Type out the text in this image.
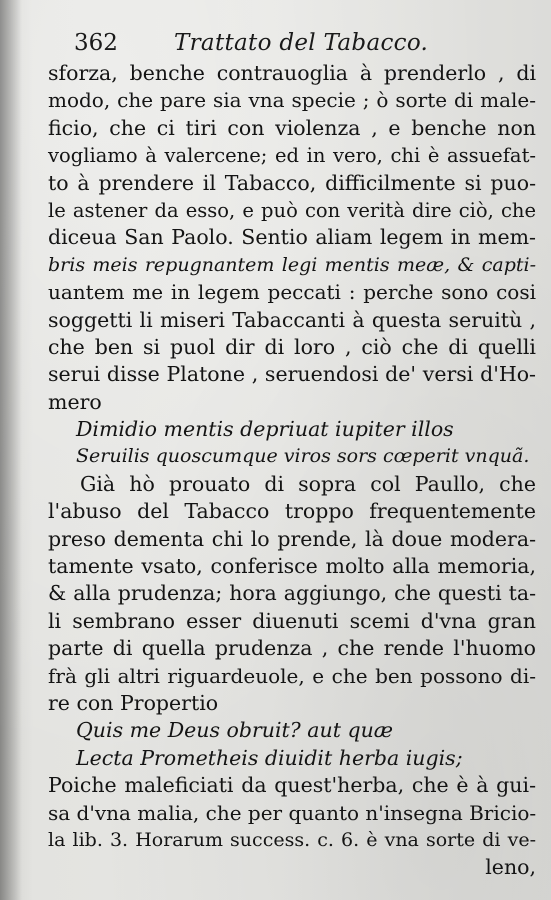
362 Trattato del Tabacco.
sforza, benche contrauoglia à prenderlo , di
modo, che pare sia vna specie ; ò sorte di male-
ficio, che ci tiri con violenza , e benche non
vogliamo à valercene; ed in vero, chi è assuefat-
to à prendere il Tabacco, difficilmente si puo-
le astener da esso, e può con verità dire ciò, che
diceua San Paolo. Sentio aliam legem in mem-
bris meis repugnantem legi mentis meæ, & capti-
uantem me in legem peccati : perche sono cosi
soggetti li miseri Tabaccanti à questa seruitù ,
che ben si puol dir di loro , ciò che di quelli
serui disse Platone , seruendosi de' versi d'Ho-
mero
Dimidio mentis depriuat iupiter illos
Seruilis quoscumque viros sors cœperit vnquã.
Già hò prouato di sopra col Paullo, che
l'abuso del Tabacco troppo frequentemente
preso dementa chi lo prende, là doue modera-
tamente vsato, conferisce molto alla memoria,
& alla prudenza; hora aggiungo, che questi ta-
li sembrano esser diuenuti scemi d'vna gran
parte di quella prudenza , che rende l'huomo
frà gli altri riguardeuole, e che ben possono di-
re con Propertio
Quis me Deus obruit? aut quæ
Lecta Prometheis diuidit herba iugis;
Poiche maleficiati da quest'herba, che è à gui-
sa d'vna malia, che per quanto n'insegna Bricio-
la lib. 3. Horarum success. c. 6. è vna sorte di ve-
leno,
